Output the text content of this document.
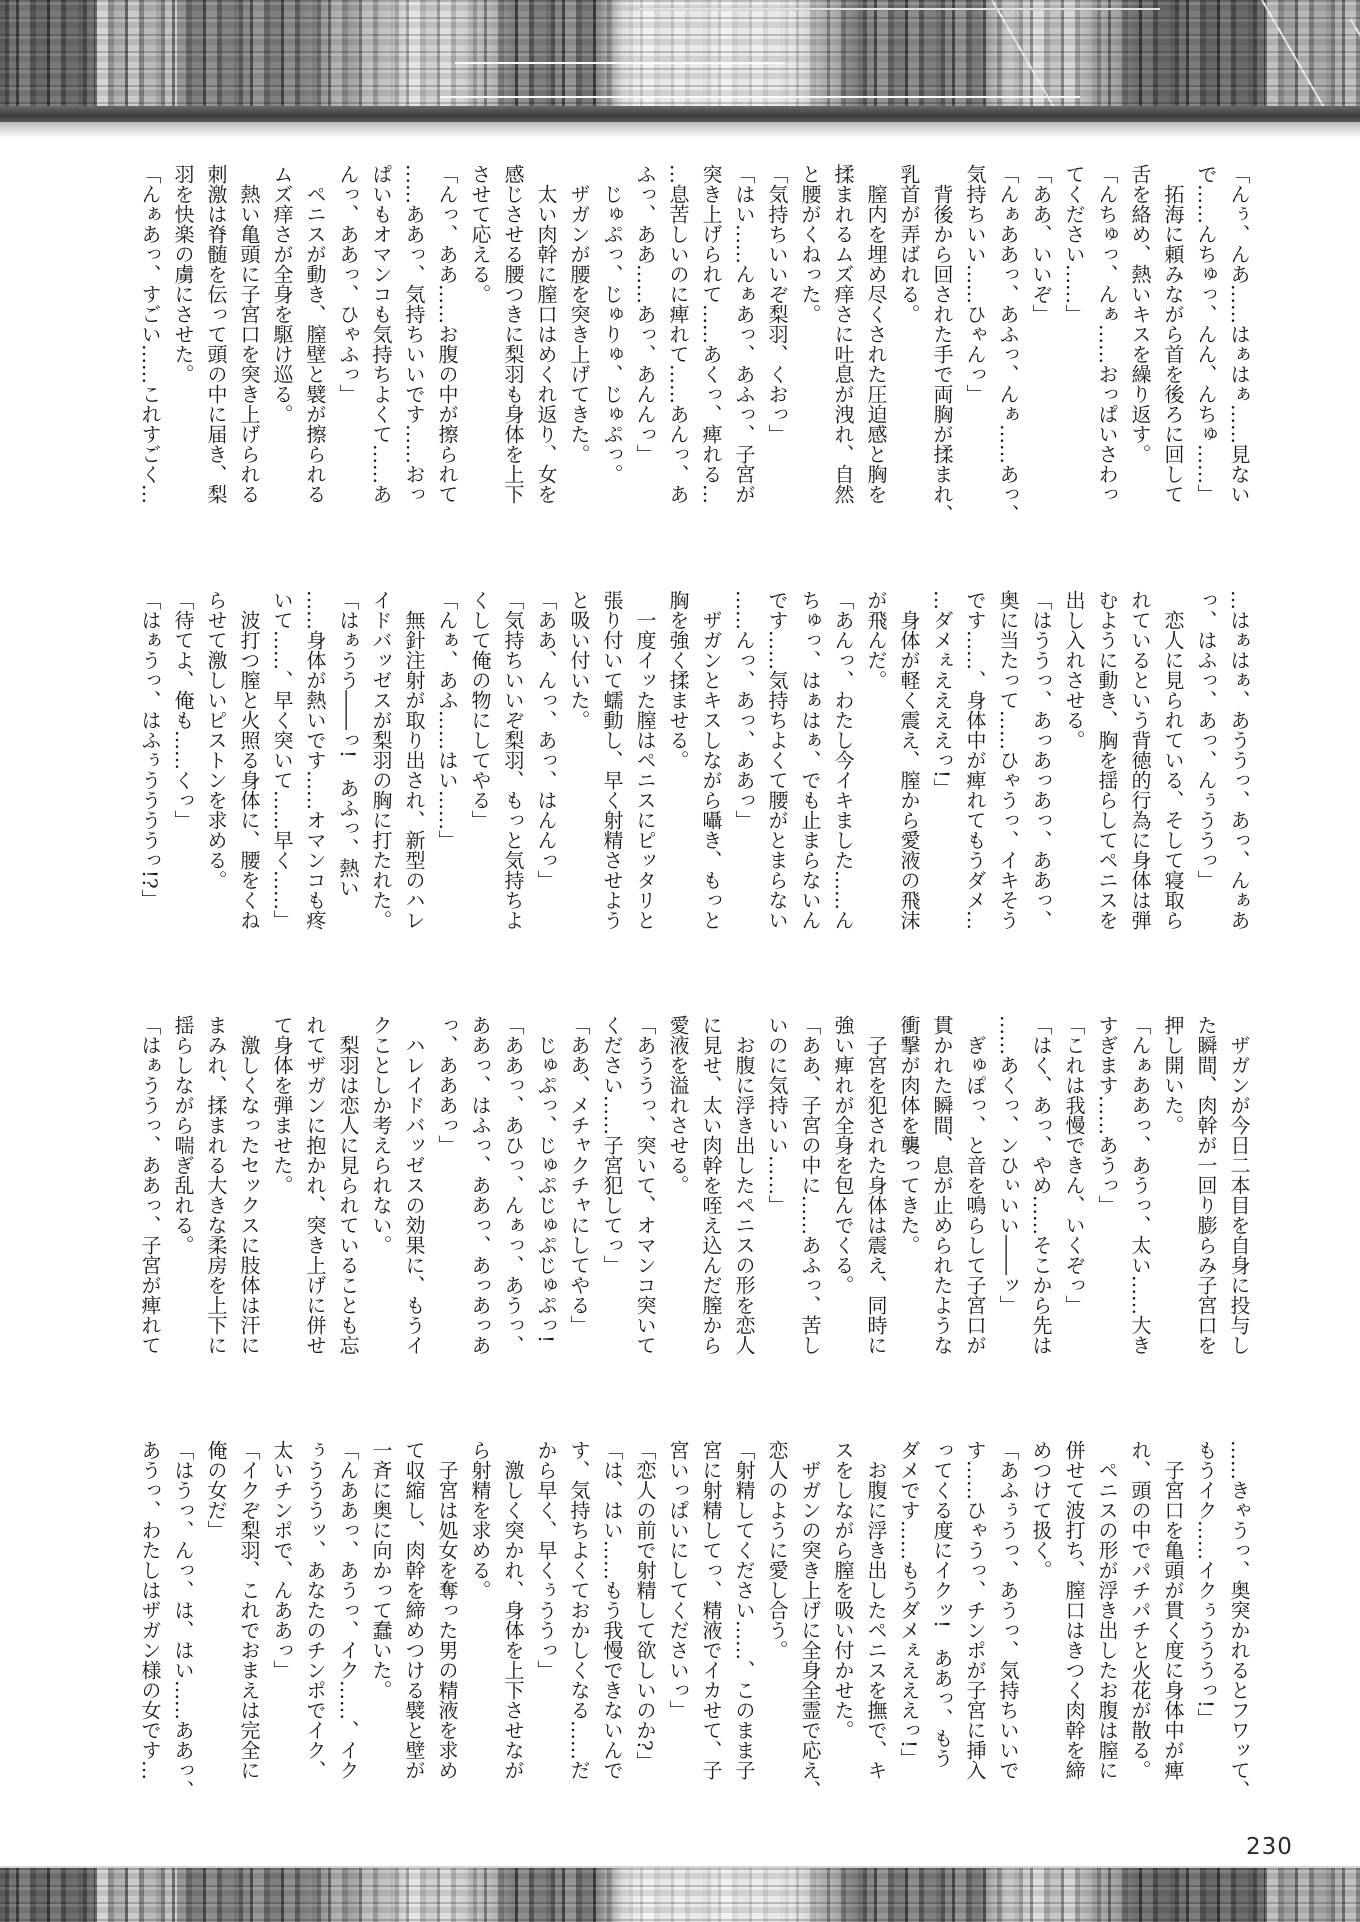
「んぅ、んあ……はぁはぁ……見ない
で……んちゅっ、んん、んちゅ……」
　拓海に頼みながら首を後ろに回して
舌を絡め、熱いキスを繰り返す。
「んちゅっ、んぁ……おっぱいさわっ
てください……」
「ああ、いいぞ」
「んぁああっ、あふっ、んぁ……あっ、
気持ちいい……ひゃんっ」
　背後から回された手で両胸が揉まれ、
乳首が弄ばれる。
　膣内を埋め尽くされた圧迫感と胸を
揉まれるムズ痒さに吐息が洩れ、自然
と腰がくねった。
「気持ちいいぞ梨羽、くおっ」
「はい……んぁあっ、あふっ、子宮が
突き上げられて……あくっ、痺れる…
…息苦しいのに痺れて……あんっ、あ
ふっ、ああ……あっ、あんんっ」
　じゅぷっ、じゅりゅ、じゅぷっ。
　ザガンが腰を突き上げてきた。
　太い肉幹に膣口はめくれ返り、女を
感じさせる腰つきに梨羽も身体を上下
させて応える。
「んっ、ああ……お腹の中が擦られて
……ああっ、気持ちいいです……おっ
ぱいもオマンコも気持ちよくて……あ
んっ、ああっ、ひゃふっ」
　ペニスが動き、膣壁と襞が擦られる
ムズ痒さが全身を駆け巡る。
　熱い亀頭に子宮口を突き上げられる
刺激は脊髄を伝って頭の中に届き、梨
羽を快楽の虜にさせた。
「んぁあっ、すごい……これすごく…
…はぁはぁ、あううっ、あっ、んぁあ
っ、はふっ、あっ、んぅううっ」
　恋人に見られている、そして寝取ら
れているという背徳的行為に身体は弾
むように動き、胸を揺らしてペニスを
出し入れさせる。
「はううっ、あっあっあっ、ああっ、
奥に当たって……ひゃうっ、イキそう
です……、身体中が痺れてもうダメ…
…ダメぇええええっ!」
　身体が軽く震え、膣から愛液の飛沫
が飛んだ。
「あんっ、わたし今イキました……ん
ちゅっ、はぁはぁ、でも止まらないん
です……気持ちよくて腰がとまらない
……んっ、あっ、ああっ」
　ザガンとキスしながら囁き、もっと
胸を強く揉ませる。
　一度イッた膣はペニスにピッタリと
張り付いて蠕動し、早く射精させよう
と吸い付いた。
「ああ、んっ、あっ、はんんっ」
「気持ちいいぞ梨羽、もっと気持ちよ
くして俺の物にしてやる」
「んぁ、あふ……はい……」
　無針注射が取り出され、新型のハレ
イドバッゼスが梨羽の胸に打たれた。
「はぁうう――っ!　あふっ、熱い
……身体が熱いです……オマンコも疼
いて……、早く突いて……早く……」
　波打つ膣と火照る身体に、腰をくね
らせて激しいピストンを求める。
「待てよ、俺も……くっ」
「はぁうっ、はふぅううううっ!?」
　ザガンが今日二本目を自身に投与し
た瞬間、肉幹が一回り膨らみ子宮口を
押し開いた。
「んぁああっ、あうっ、太い……大き
すぎます……あうっ」
「これは我慢できん、いくぞっ」
「はく、あっ、やめ……そこから先は
……あくっ、ンひぃいい――ッ」
　ぎゅぽっ、と音を鳴らして子宮口が
貫かれた瞬間、息が止められたような
衝撃が肉体を襲ってきた。
　子宮を犯された身体は震え、同時に
強い痺れが全身を包んでくる。
「ああ、子宮の中に……あふっ、苦し
いのに気持いい……」
　お腹に浮き出したペニスの形を恋人
に見せ、太い肉幹を咥え込んだ膣から
愛液を溢れさせる。
「あううっ、突いて、オマンコ突いて
ください……子宮犯してっ」
「ああ、メチャクチャにしてやる」
　じゅぷっ、じゅぷじゅぷじゅぷっ!
「ああっ、あひっ、んぁっ、あうっ、
ああっ、はふっ、ああっ、あっあっあ
っ、あああっ」
　ハレイドバッゼスの効果に、もうイ
クことしか考えられない。
　梨羽は恋人に見られていることも忘
れてザガンに抱かれ、突き上げに併せ
て身体を弾ませた。
　激しくなったセックスに肢体は汗に
まみれ、揉まれる大きな柔房を上下に
揺らしながら喘ぎ乱れる。
「はぁううっ、ああっ、子宮が痺れて
……きゃうっ、奥突かれるとフワッて、
もうイク……イクぅうううっ!」
　子宮口を亀頭が貫く度に身体中が痺
れ、頭の中でパチパチと火花が散る。
　ペニスの形が浮き出したお腹は膣に
併せて波打ち、膣口はきつく肉幹を締
めつけて扱く。
「あふぅうっ、あうっ、気持ちいいで
す……ひゃうっ、チンポが子宮に挿入
ってくる度にイクッ!　ああっ、もう
ダメです……もうダメぇえええっ!」
　お腹に浮き出したペニスを撫で、キ
スをしながら膣を吸い付かせた。
　ザガンの突き上げに全身全霊で応え、
恋人のように愛し合う。
「射精してください……、このまま子
宮に射精してっ、精液でイカせて、子
宮いっぱいにしてくださいっ」
「恋人の前で射精して欲しいのか?」
「は、はい……もう我慢できないんで
す、気持ちよくておかしくなる……だ
から早く、早くぅううっ」
　激しく突かれ、身体を上下させなが
ら射精を求める。
　子宮は処女を奪った男の精液を求め
て収縮し、肉幹を締めつける襞と壁が
一斉に奥に向かって蠢いた。
「んああっ、あうっ、イク……、イク
ぅうううッ、あなたのチンポでイク、
太いチンポで、んああっ」
「イクぞ梨羽、これでおまえは完全に
俺の女だ」
「はうっ、んっ、は、はい……ああっ、
あうっ、わたしはザガン様の女です…
230
